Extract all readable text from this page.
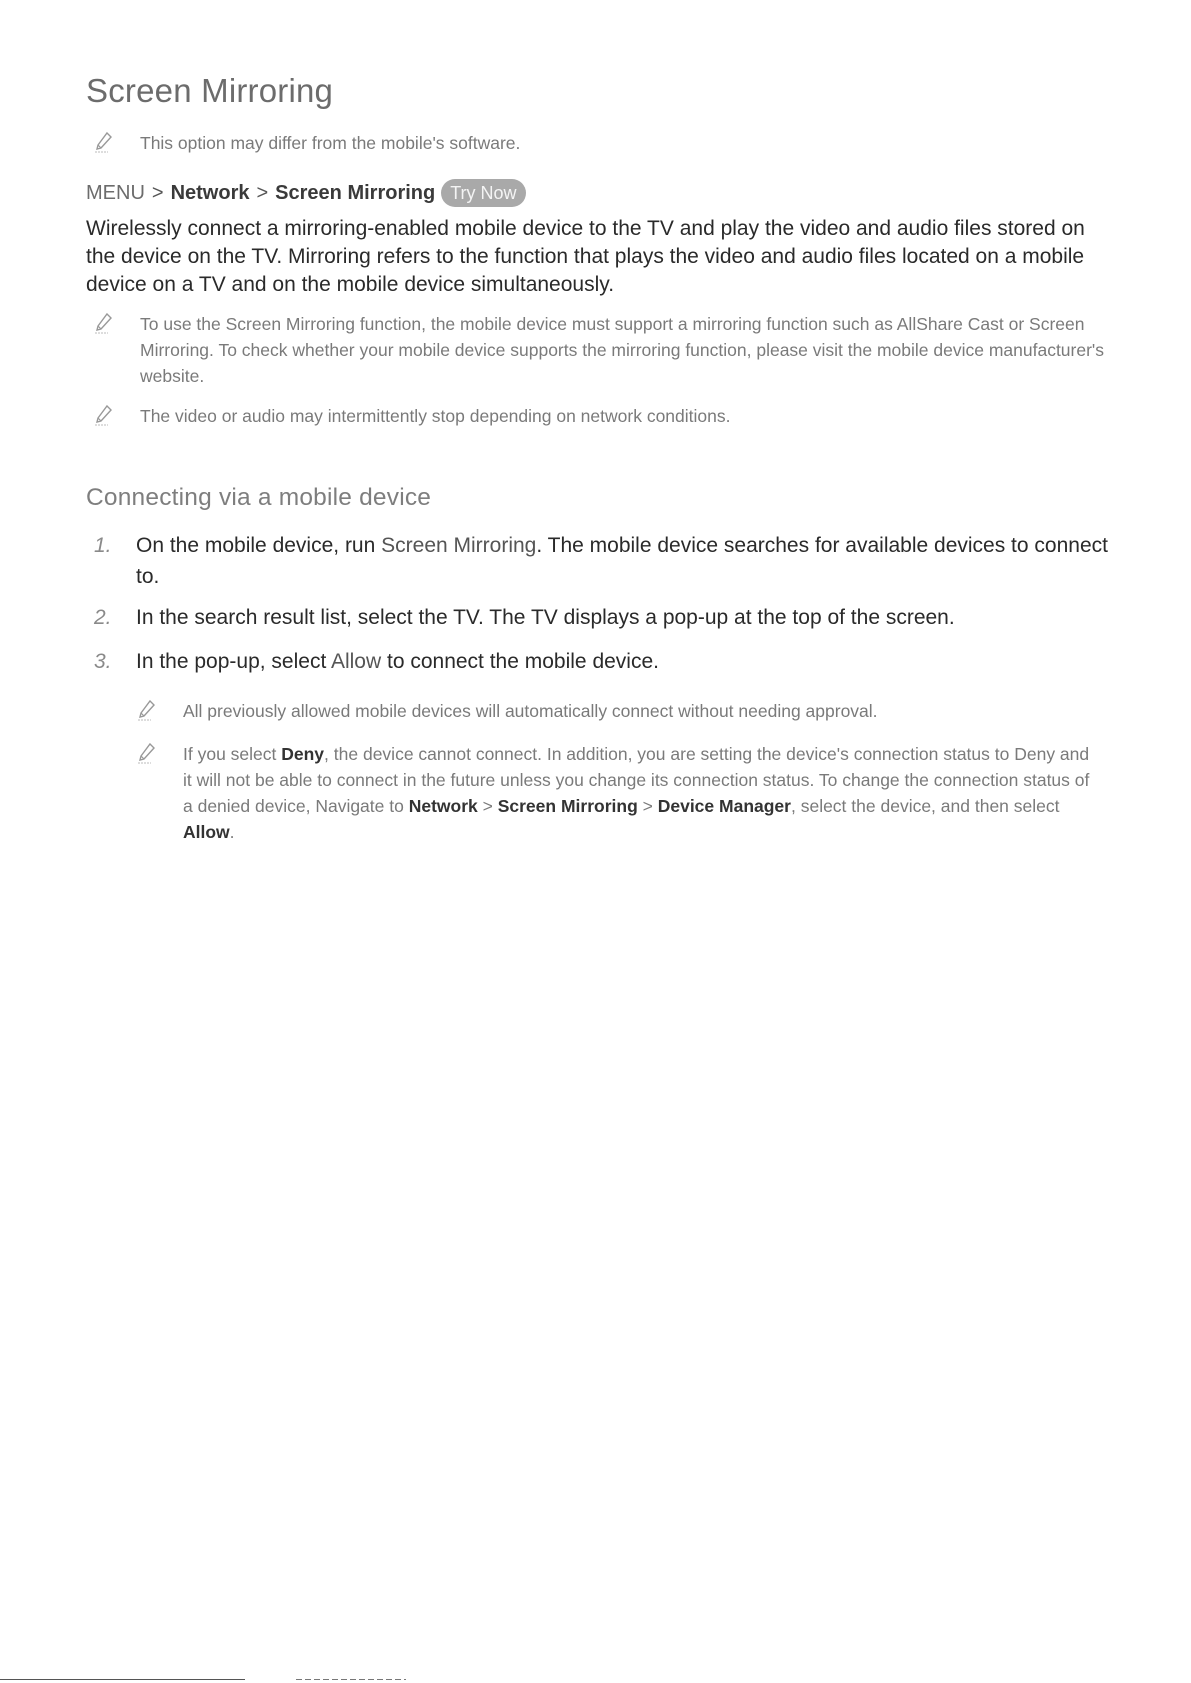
Screen Mirroring
This option may differ from the mobile's software.
MENU > Network > Screen Mirroring Try Now

Wirelessly connect a mirroring-enabled mobile device to the TV and play the video and audio files stored on the device on the TV. Mirroring refers to the function that plays the video and audio files located on a mobile device on a TV and on the mobile device simultaneously.

To use the Screen Mirroring function, the mobile device must support a mirroring function such as AllShare Cast or Screen Mirroring. To check whether your mobile device supports the mirroring function, please visit the mobile device manufacturer's website.
The video or audio may intermittently stop depending on network conditions.
Connecting via a mobile device
1.	On the mobile device, run Screen Mirroring. The mobile device searches for available devices to connect to.
2.	In the search result list, select the TV. The TV displays a pop-up at the top of the screen.
3.	In the pop-up, select Allow to connect the mobile device.
All previously allowed mobile devices will automatically connect without needing approval.
If you select Deny, the device cannot connect. In addition, you are setting the device's connection status to Deny and it will not be able to connect in the future unless you change its connection status. To change the connection status of a denied device, Navigate to Network > Screen Mirroring > Device Manager, select the device, and then select Allow.
